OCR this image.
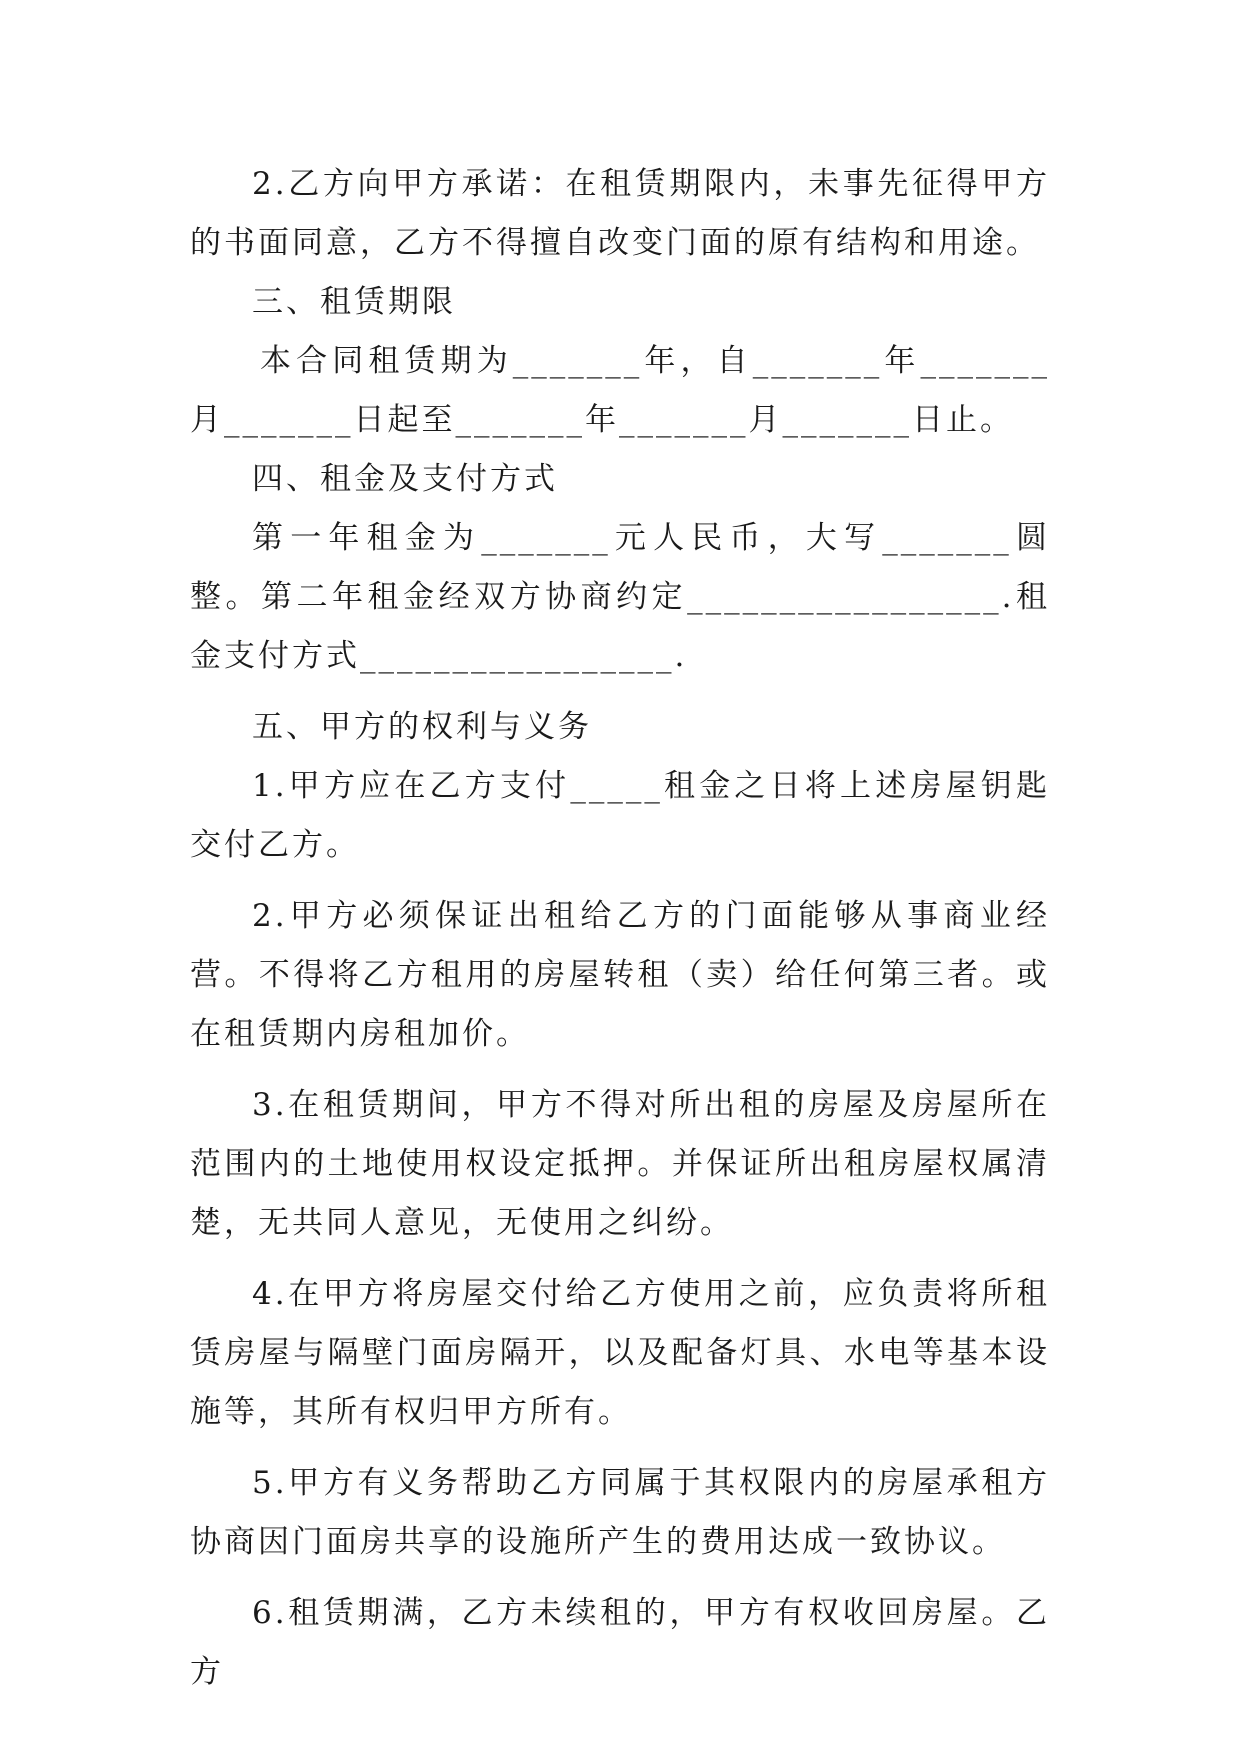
2.乙方向甲方承诺：在租赁期限内，未事先征得甲方的书面同意，乙方不得擅自改变门面的原有结构和用途。

三、租赁期限

本合同租赁期为_______年，自_______年_______月_______日起至_______年_______月_______日止。

四、租金及支付方式

第一年租金为_______元人民币，大写_______圆整。第二年租金经双方协商约定_________________.租金支付方式_________________.

五、甲方的权利与义务

1.甲方应在乙方支付_____租金之日将上述房屋钥匙交付乙方。

2.甲方必须保证出租给乙方的门面能够从事商业经营。不得将乙方租用的房屋转租（卖）给任何第三者。或在租赁期内房租加价。

3.在租赁期间，甲方不得对所出租的房屋及房屋所在范围内的土地使用权设定抵押。并保证所出租房屋权属清楚，无共同人意见，无使用之纠纷。

4.在甲方将房屋交付给乙方使用之前，应负责将所租赁房屋与隔壁门面房隔开，以及配备灯具、水电等基本设施等，其所有权归甲方所有。

5.甲方有义务帮助乙方同属于其权限内的房屋承租方协商因门面房共享的设施所产生的费用达成一致协议。

6.租赁期满，乙方未续租的，甲方有权收回房屋。乙方
